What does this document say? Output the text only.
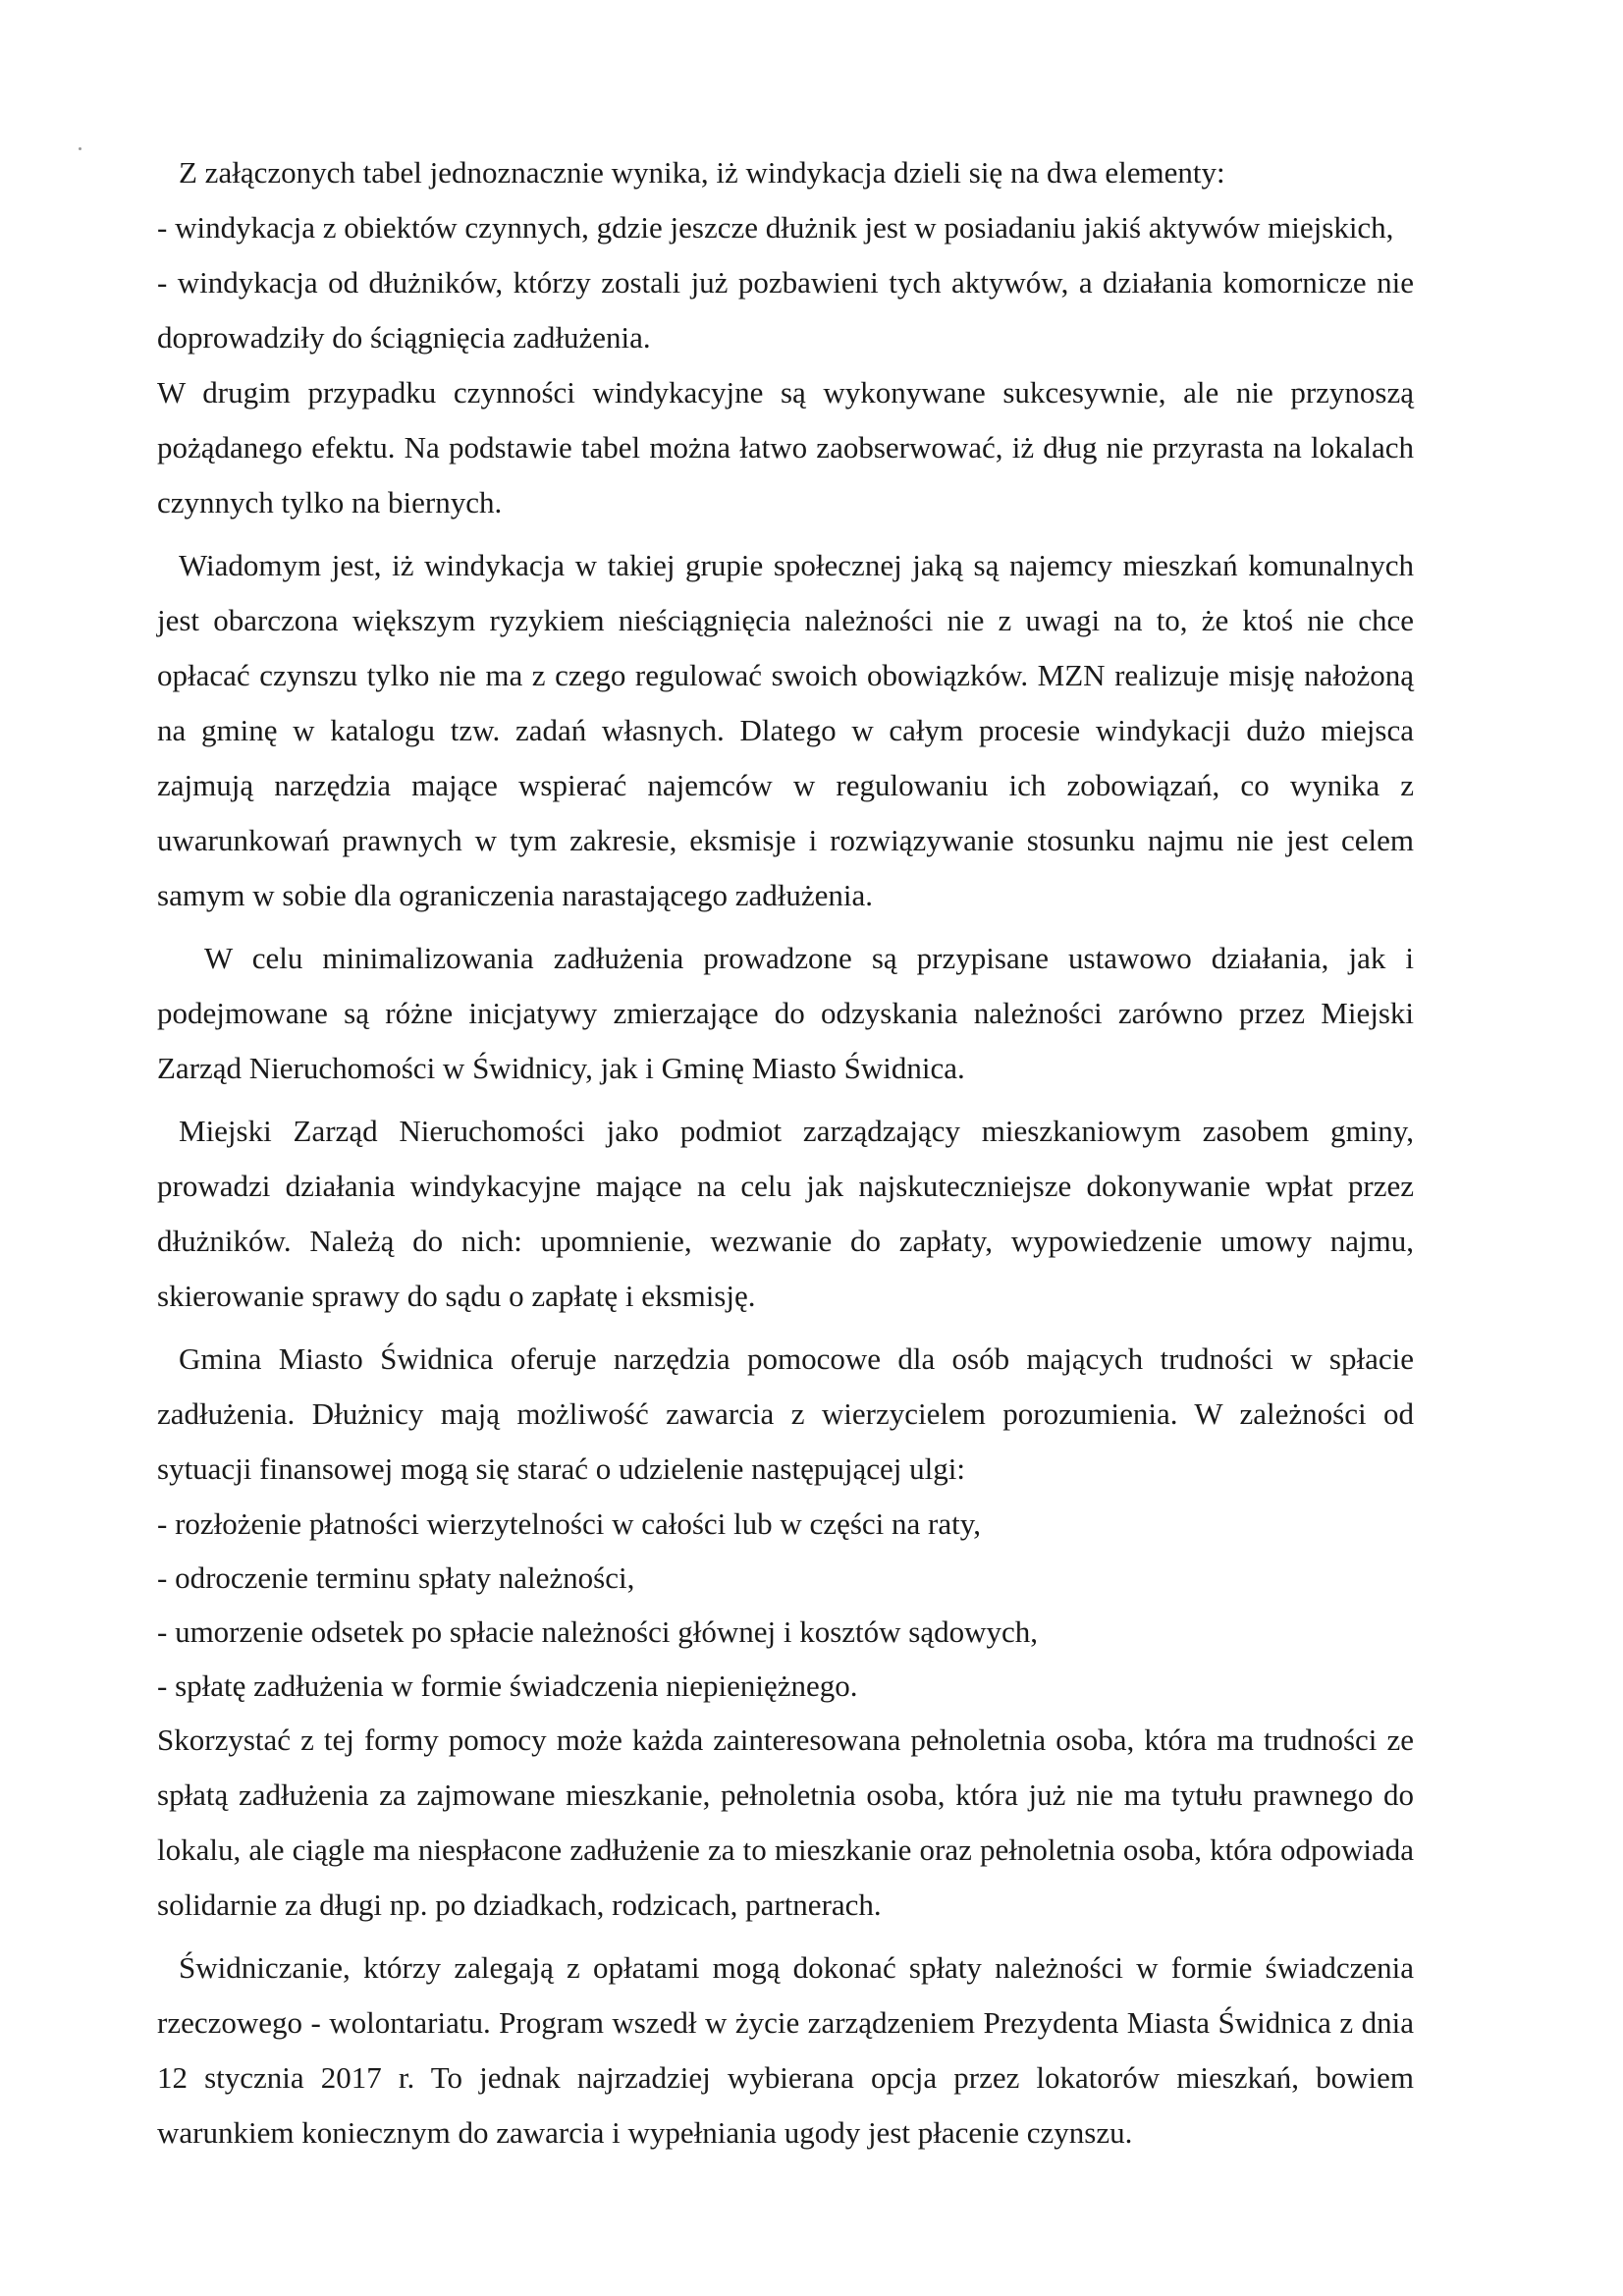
Z załączonych tabel jednoznacznie wynika, iż windykacja dzieli się na dwa elementy:

- windykacja z obiektów czynnych, gdzie jeszcze dłużnik jest w posiadaniu jakiś aktywów miejskich,

- windykacja od dłużników, którzy zostali już pozbawieni tych aktywów, a działania komornicze nie doprowadziły do ściągnięcia zadłużenia.

W drugim przypadku czynności windykacyjne są wykonywane sukcesywnie, ale nie przynoszą pożądanego efektu. Na podstawie tabel można łatwo zaobserwować, iż dług nie przyrasta na lokalach czynnych tylko na biernych.

Wiadomym jest, iż windykacja w takiej grupie społecznej jaką są najemcy mieszkań komunalnych jest obarczona większym ryzykiem nieściągnięcia należności nie z uwagi na to, że ktoś nie chce opłacać czynszu tylko nie ma z czego regulować swoich obowiązków. MZN realizuje misję nałożoną na gminę w katalogu tzw. zadań własnych. Dlatego w całym procesie windykacji dużo miejsca zajmują narzędzia mające wspierać najemców w regulowaniu ich zobowiązań, co wynika z uwarunkowań prawnych w tym zakresie, eksmisje i rozwiązywanie stosunku najmu nie jest celem samym w sobie dla ograniczenia narastającego zadłużenia.

W celu minimalizowania zadłużenia prowadzone są przypisane ustawowo działania, jak i podejmowane są różne inicjatywy zmierzające do odzyskania należności zarówno przez Miejski Zarząd Nieruchomości w Świdnicy, jak i Gminę Miasto Świdnica.

Miejski Zarząd Nieruchomości jako podmiot zarządzający mieszkaniowym zasobem gminy, prowadzi działania windykacyjne mające na celu jak najskuteczniejsze dokonywanie wpłat przez dłużników. Należą do nich: upomnienie, wezwanie do zapłaty, wypowiedzenie umowy najmu, skierowanie sprawy do sądu o zapłatę i eksmisję.

Gmina Miasto Świdnica oferuje narzędzia pomocowe dla osób mających trudności w spłacie zadłużenia. Dłużnicy mają możliwość zawarcia z wierzycielem porozumienia. W zależności od sytuacji finansowej mogą się starać o udzielenie następującej ulgi:

- rozłożenie płatności wierzytelności w całości lub w części na raty,

- odroczenie terminu spłaty należności,

- umorzenie odsetek po spłacie należności głównej i kosztów sądowych,

- spłatę zadłużenia w formie świadczenia niepieniężnego.

Skorzystać z tej formy pomocy może każda zainteresowana pełnoletnia osoba, która ma trudności ze spłatą zadłużenia za zajmowane mieszkanie, pełnoletnia osoba, która już nie ma tytułu prawnego do lokalu, ale ciągle ma niespłacone zadłużenie za to mieszkanie oraz pełnoletnia osoba, która odpowiada solidarnie za długi np. po dziadkach, rodzicach, partnerach.

Świdniczanie, którzy zalegają z opłatami mogą dokonać spłaty należności w formie świadczenia rzeczowego - wolontariatu. Program wszedł w życie zarządzeniem Prezydenta Miasta Świdnica z dnia 12 stycznia 2017 r. To jednak najrzadziej wybierana opcja przez lokatorów mieszkań, bowiem warunkiem koniecznym do zawarcia i wypełniania ugody jest płacenie czynszu.
